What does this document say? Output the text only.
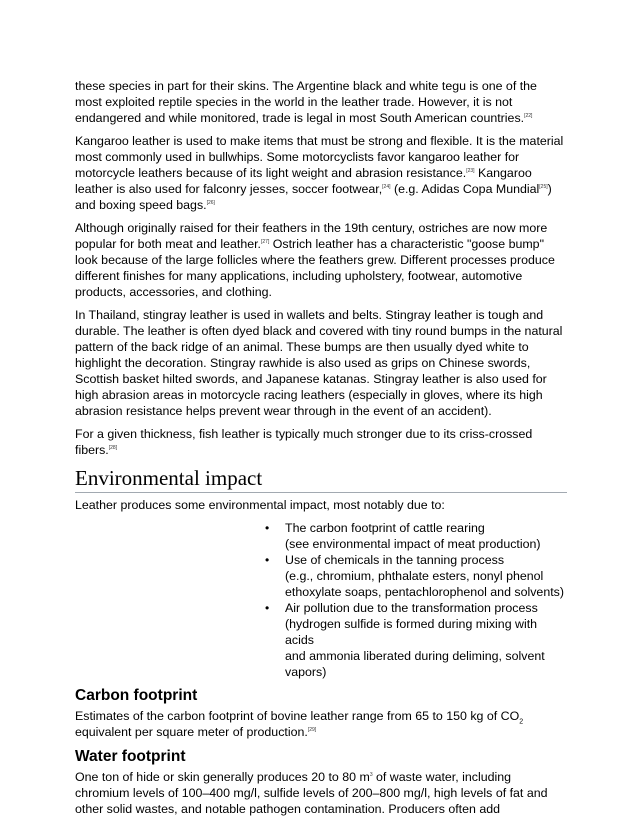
these species in part for their skins. The Argentine black and white tegu is one of the most exploited reptile species in the world in the leather trade. However, it is not endangered and while monitored, trade is legal in most South American countries.[22]

Kangaroo leather is used to make items that must be strong and flexible. It is the material most commonly used in bullwhips. Some motorcyclists favor kangaroo leather for motorcycle leathers because of its light weight and abrasion resistance.[23] Kangaroo leather is also used for falconry jesses, soccer footwear,[24] (e.g. Adidas Copa Mundial[25]) and boxing speed bags.[26]

Although originally raised for their feathers in the 19th century, ostriches are now more popular for both meat and leather.[27] Ostrich leather has a characteristic "goose bump" look because of the large follicles where the feathers grew. Different processes produce different finishes for many applications, including upholstery, footwear, automotive products, accessories, and clothing.

In Thailand, stingray leather is used in wallets and belts. Stingray leather is tough and durable. The leather is often dyed black and covered with tiny round bumps in the natural pattern of the back ridge of an animal. These bumps are then usually dyed white to highlight the decoration. Stingray rawhide is also used as grips on Chinese swords, Scottish basket hilted swords, and Japanese katanas. Stingray leather is also used for high abrasion areas in motorcycle racing leathers (especially in gloves, where its high abrasion resistance helps prevent wear through in the event of an accident).

For a given thickness, fish leather is typically much stronger due to its criss-crossed fibers.[28]

Environmental impact

Leather produces some environmental impact, most notably due to:

• The carbon footprint of cattle rearing
(see environmental impact of meat production)
• Use of chemicals in the tanning process
(e.g., chromium, phthalate esters, nonyl phenol
ethoxylate soaps, pentachlorophenol and solvents)
• Air pollution due to the transformation process
(hydrogen sulfide is formed during mixing with acids
and ammonia liberated during deliming, solvent
vapors)
Carbon footprint

Estimates of the carbon footprint of bovine leather range from 65 to 150 kg of $CO_2$ equivalent per square meter of production.[29]

Water footprint

One ton of hide or skin generally produces 20 to 80 $m^3$ of waste water, including chromium levels of 100–400 mg/l, sulfide levels of 200–800 mg/l, high levels of fat and other solid wastes, and notable pathogen contamination. Producers often add
